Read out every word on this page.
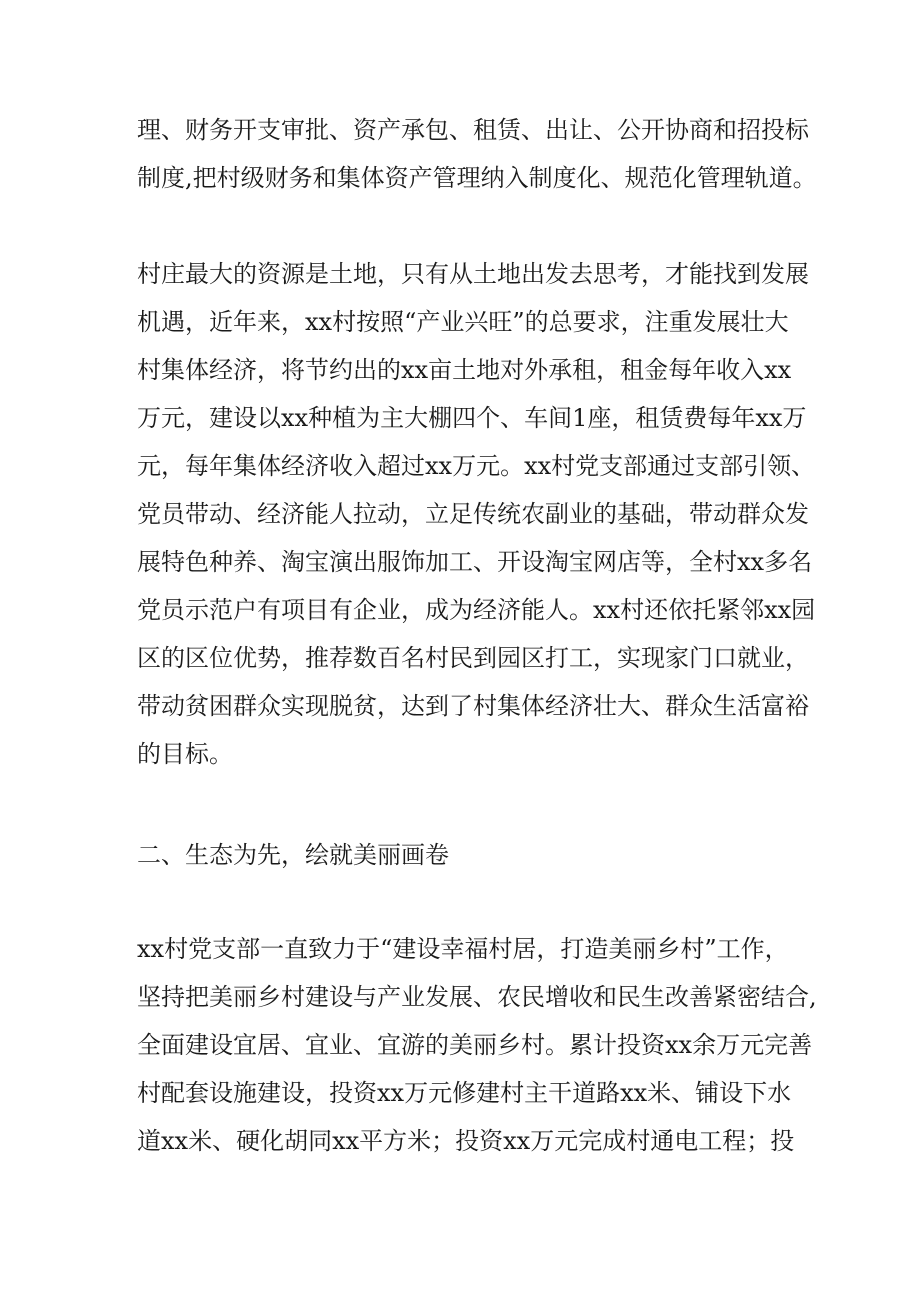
理、财务开支审批、资产承包、租赁、出让、公开协商和招投标
制度,把村级财务和集体资产管理纳入制度化、规范化管理轨道。
村庄最大的资源是土地，只有从土地出发去思考，才能找到发展
机遇，近年来，xx村按照“产业兴旺”的总要求，注重发展壮大
村集体经济，将节约出的xx亩土地对外承租，租金每年收入xx
万元，建设以xx种植为主大棚四个、车间1座，租赁费每年xx万
元，每年集体经济收入超过xx万元。xx村党支部通过支部引领、
党员带动、经济能人拉动，立足传统农副业的基础，带动群众发
展特色种养、淘宝演出服饰加工、开设淘宝网店等，全村xx多名
党员示范户有项目有企业，成为经济能人。xx村还依托紧邻xx园
区的区位优势，推荐数百名村民到园区打工，实现家门口就业，
带动贫困群众实现脱贫，达到了村集体经济壮大、群众生活富裕
的目标。
二、生态为先，绘就美丽画卷
xx村党支部一直致力于“建设幸福村居，打造美丽乡村”工作，
坚持把美丽乡村建设与产业发展、农民增收和民生改善紧密结合,
全面建设宜居、宜业、宜游的美丽乡村。累计投资xx余万元完善
村配套设施建设，投资xx万元修建村主干道路xx米、铺设下水
道xx米、硬化胡同xx平方米；投资xx万元完成村通电工程；投
